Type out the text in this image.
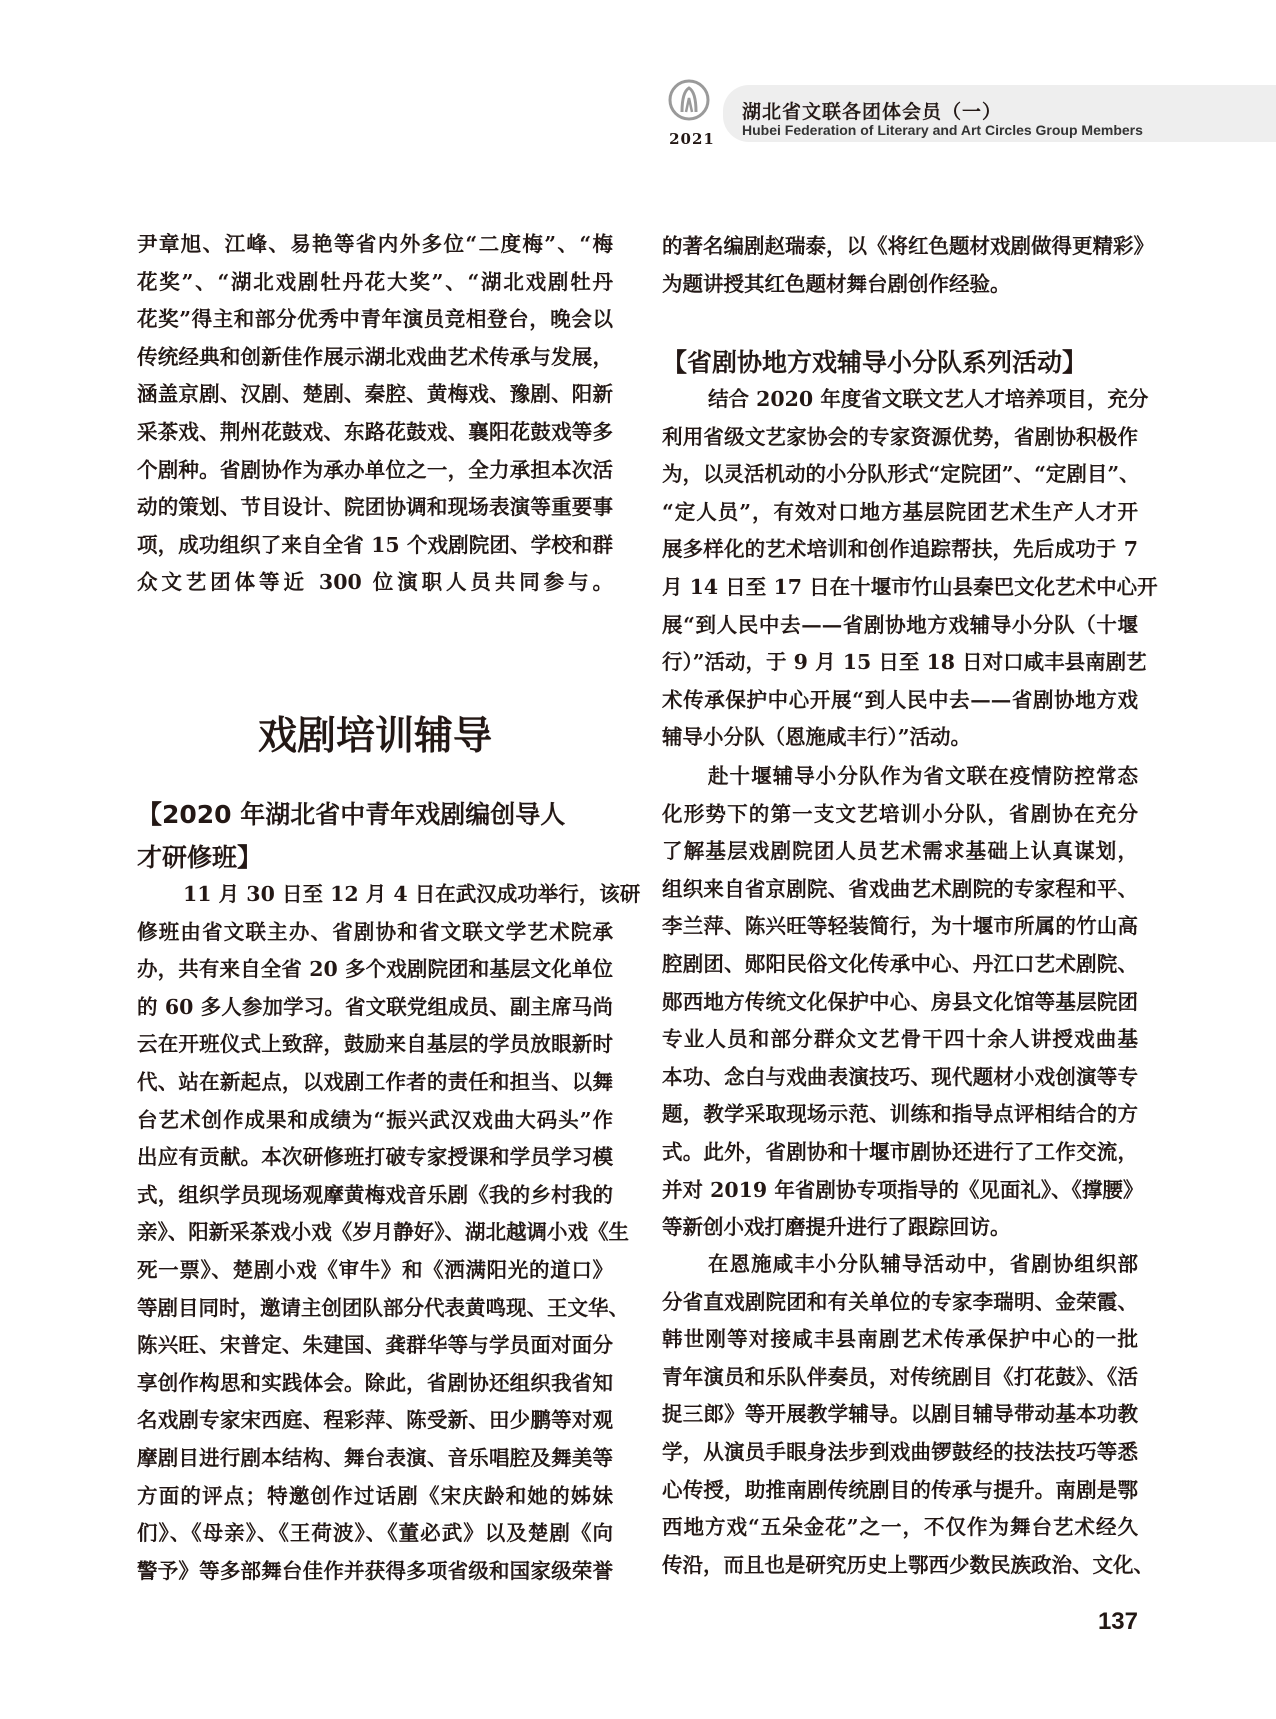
2021
湖北省文联各团体会员（一）
Hubei Federation of Literary and Art Circles Group Members
尹章旭、江峰、易艳等省内外多位“二度梅”、“梅
花奖”、“湖北戏剧牡丹花大奖”、“湖北戏剧牡丹
花奖”得主和部分优秀中青年演员竞相登台，晚会以
传统经典和创新佳作展示湖北戏曲艺术传承与发展，
涵盖京剧、汉剧、楚剧、秦腔、黄梅戏、豫剧、阳新
采茶戏、荆州花鼓戏、东路花鼓戏、襄阳花鼓戏等多
个剧种。省剧协作为承办单位之一，全力承担本次活
动的策划、节目设计、院团协调和现场表演等重要事
项，成功组织了来自全省 15 个戏剧院团、学校和群
众文艺团体等近 300 位演职人员共同参与。
戏剧培训辅导
【2020 年湖北省中青年戏剧编创导人
才研修班】
11 月 30 日至 12 月 4 日在武汉成功举行，该研
修班由省文联主办、省剧协和省文联文学艺术院承
办，共有来自全省 20 多个戏剧院团和基层文化单位
的 60 多人参加学习。省文联党组成员、副主席马尚
云在开班仪式上致辞，鼓励来自基层的学员放眼新时
代、站在新起点，以戏剧工作者的责任和担当、以舞
台艺术创作成果和成绩为“振兴武汉戏曲大码头”作
出应有贡献。本次研修班打破专家授课和学员学习模
式，组织学员现场观摩黄梅戏音乐剧《我的乡村我的
亲》、阳新采茶戏小戏《岁月静好》、湖北越调小戏《生
死一票》、楚剧小戏《审牛》和《洒满阳光的道口》
等剧目同时，邀请主创团队部分代表黄鸣现、王文华、
陈兴旺、宋普定、朱建国、龚群华等与学员面对面分
享创作构思和实践体会。除此，省剧协还组织我省知
名戏剧专家宋西庭、程彩萍、陈受新、田少鹏等对观
摩剧目进行剧本结构、舞台表演、音乐唱腔及舞美等
方面的评点；特邀创作过话剧《宋庆龄和她的姊妹
们》、《母亲》、《王荷波》、《董必武》以及楚剧《向
警予》等多部舞台佳作并获得多项省级和国家级荣誉
的著名编剧赵瑞泰，以《将红色题材戏剧做得更精彩》
为题讲授其红色题材舞台剧创作经验。
【省剧协地方戏辅导小分队系列活动】
结合 2020 年度省文联文艺人才培养项目，充分
利用省级文艺家协会的专家资源优势，省剧协积极作
为，以灵活机动的小分队形式“定院团”、“定剧目”、
“定人员”，有效对口地方基层院团艺术生产人才开
展多样化的艺术培训和创作追踪帮扶，先后成功于 7
月 14 日至 17 日在十堰市竹山县秦巴文化艺术中心开
展“到人民中去——省剧协地方戏辅导小分队（十堰
行）”活动，于 9 月 15 日至 18 日对口咸丰县南剧艺
术传承保护中心开展“到人民中去——省剧协地方戏
辅导小分队（恩施咸丰行）”活动。
赴十堰辅导小分队作为省文联在疫情防控常态
化形势下的第一支文艺培训小分队，省剧协在充分
了解基层戏剧院团人员艺术需求基础上认真谋划，
组织来自省京剧院、省戏曲艺术剧院的专家程和平、
李兰萍、陈兴旺等轻装简行，为十堰市所属的竹山高
腔剧团、郧阳民俗文化传承中心、丹江口艺术剧院、
郧西地方传统文化保护中心、房县文化馆等基层院团
专业人员和部分群众文艺骨干四十余人讲授戏曲基
本功、念白与戏曲表演技巧、现代题材小戏创演等专
题，教学采取现场示范、训练和指导点评相结合的方
式。此外，省剧协和十堰市剧协还进行了工作交流，
并对 2019 年省剧协专项指导的《见面礼》、《撑腰》
等新创小戏打磨提升进行了跟踪回访。
在恩施咸丰小分队辅导活动中，省剧协组织部
分省直戏剧院团和有关单位的专家李瑞明、金荣霞、
韩世刚等对接咸丰县南剧艺术传承保护中心的一批
青年演员和乐队伴奏员，对传统剧目《打花鼓》、《活
捉三郎》等开展教学辅导。以剧目辅导带动基本功教
学，从演员手眼身法步到戏曲锣鼓经的技法技巧等悉
心传授，助推南剧传统剧目的传承与提升。南剧是鄂
西地方戏“五朵金花”之一，不仅作为舞台艺术经久
传沿，而且也是研究历史上鄂西少数民族政治、文化、
137
